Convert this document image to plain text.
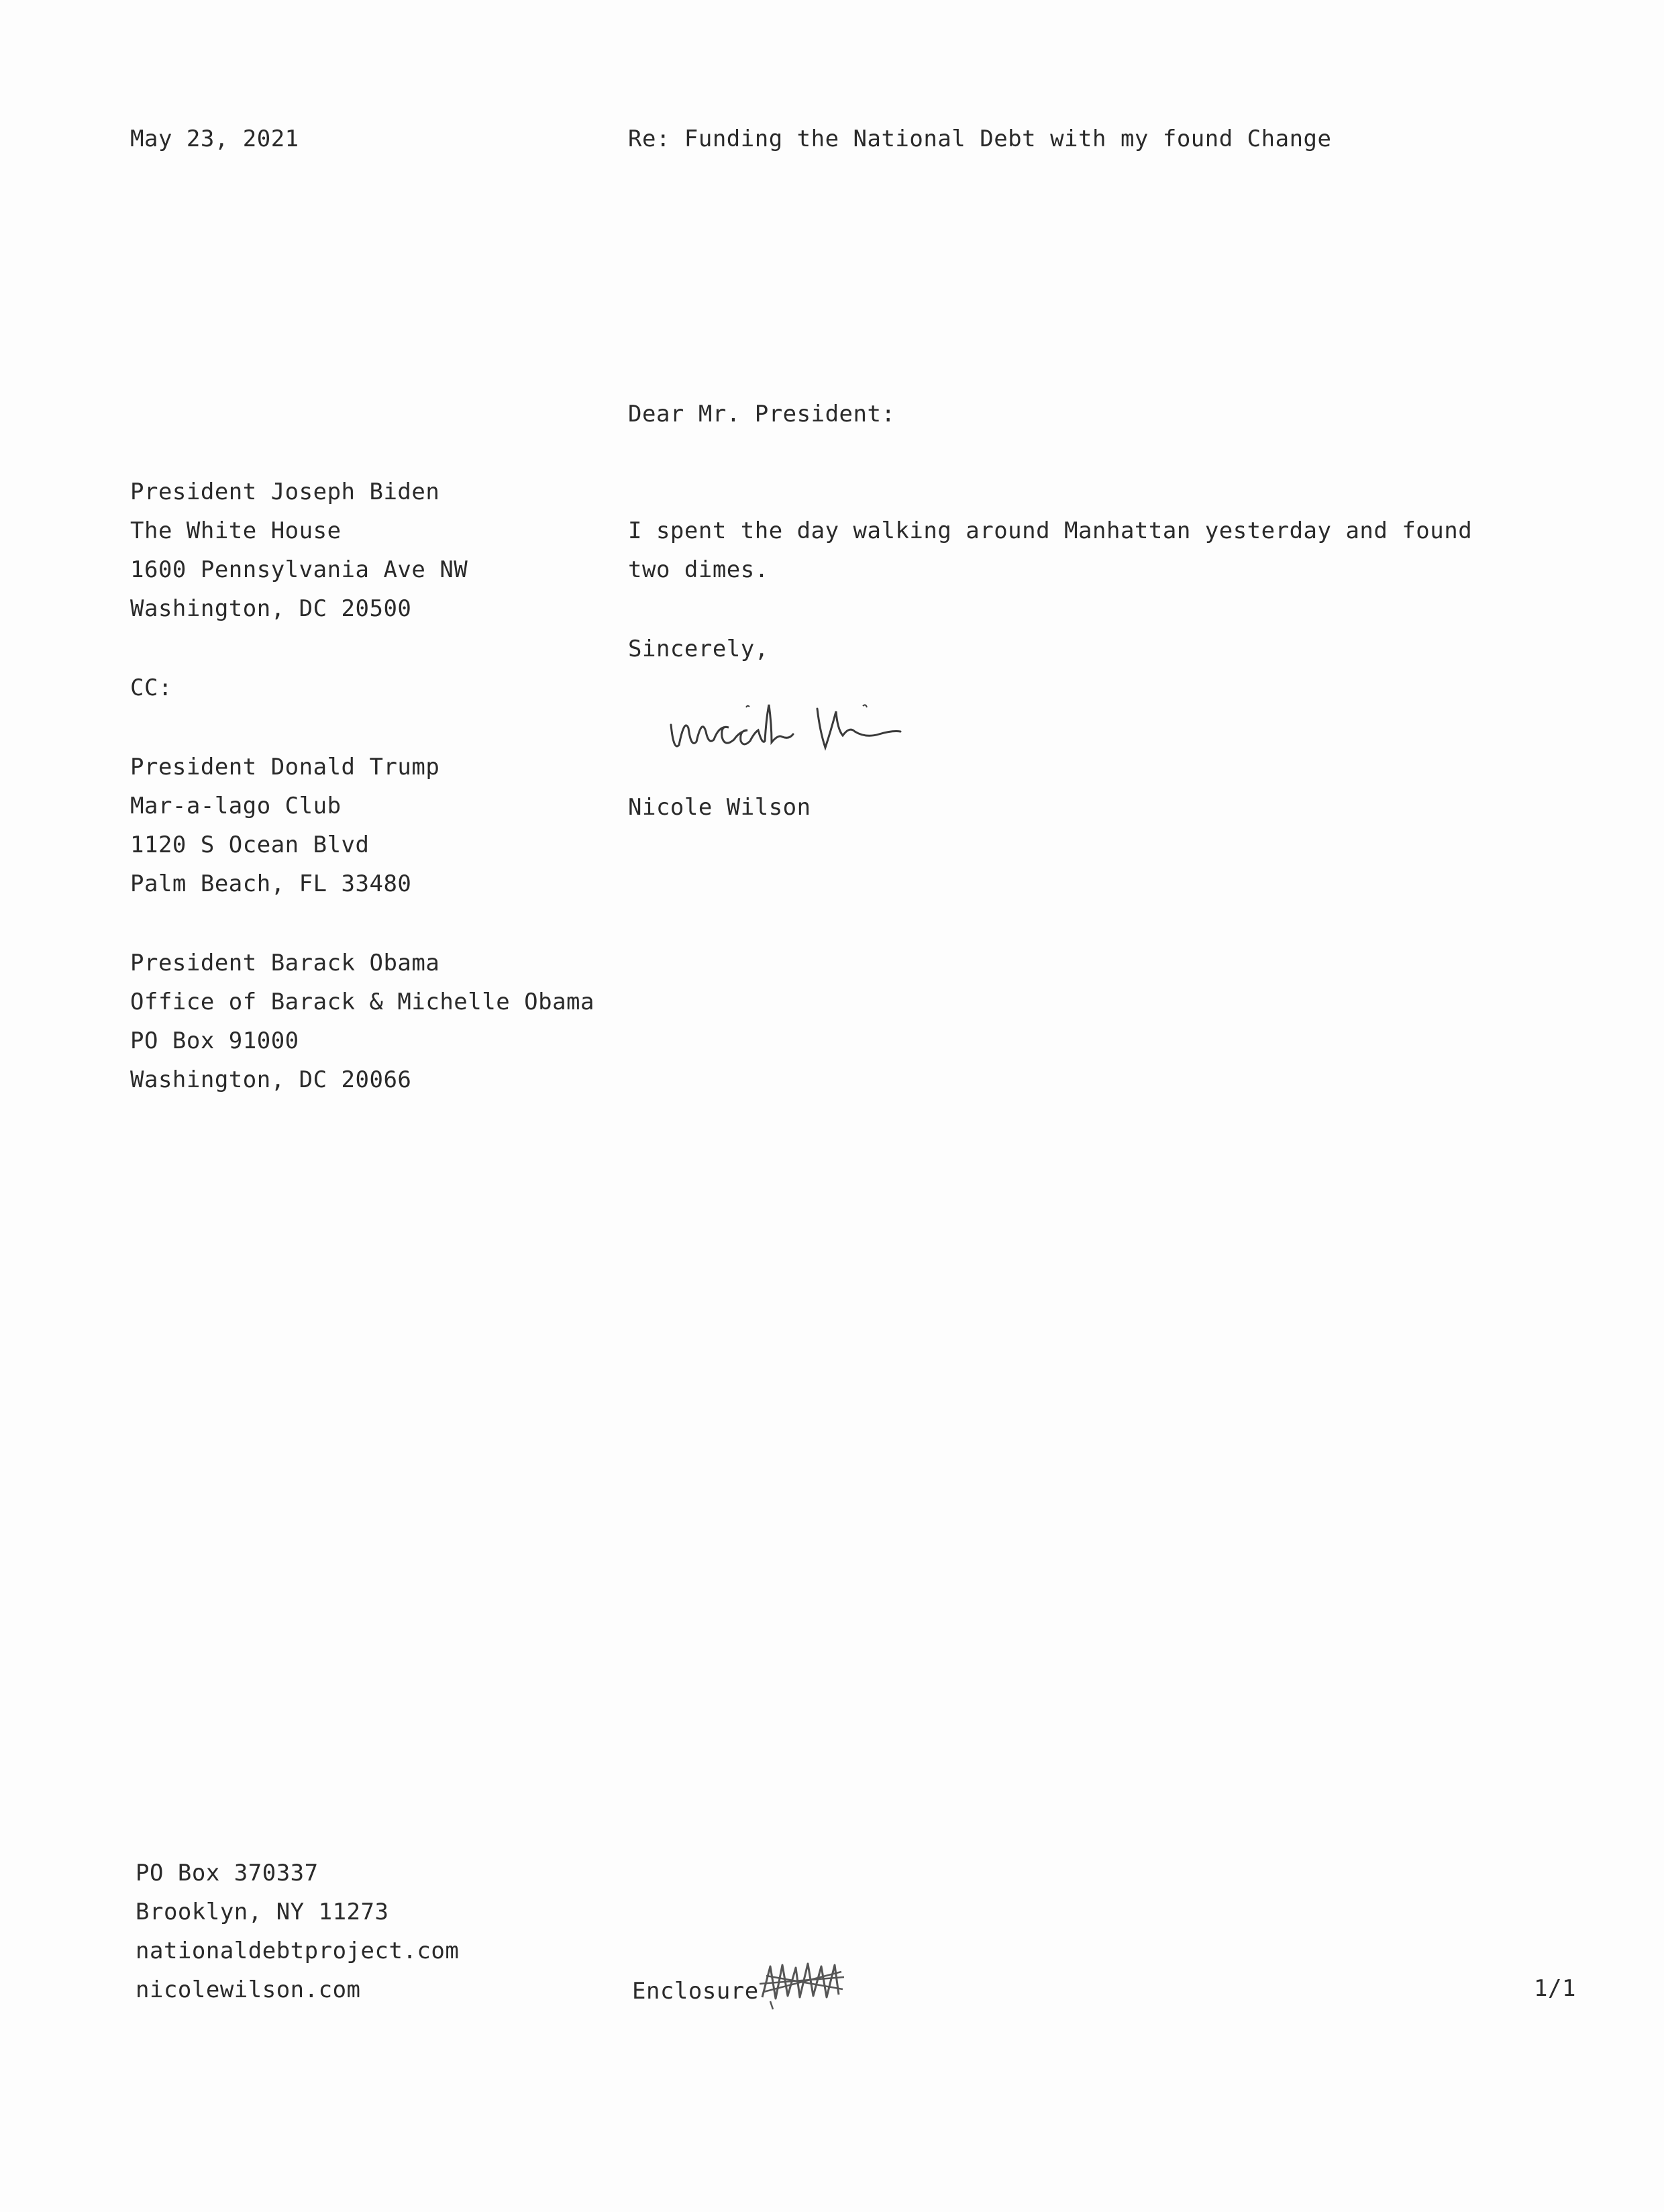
May 23, 2021	Re: Funding the National Debt with my found Change
Dear Mr. President:
President Joseph Biden
The White House
1600 Pennsylvania Ave NW
Washington, DC 20500
CC:
President Donald Trump
Mar-a-lago Club
1120 S Ocean Blvd
Palm Beach, FL 33480
President Barack Obama
Office of Barack & Michelle Obama
PO Box 91000
Washington, DC 20066
I spent the day walking around Manhattan yesterday and found two dimes.
Sincerely,
Nicole Wilson
PO Box 370337
Brooklyn, NY 11273
nationaldebtproject.com
nicolewilson.com	Enclosure	1/1
